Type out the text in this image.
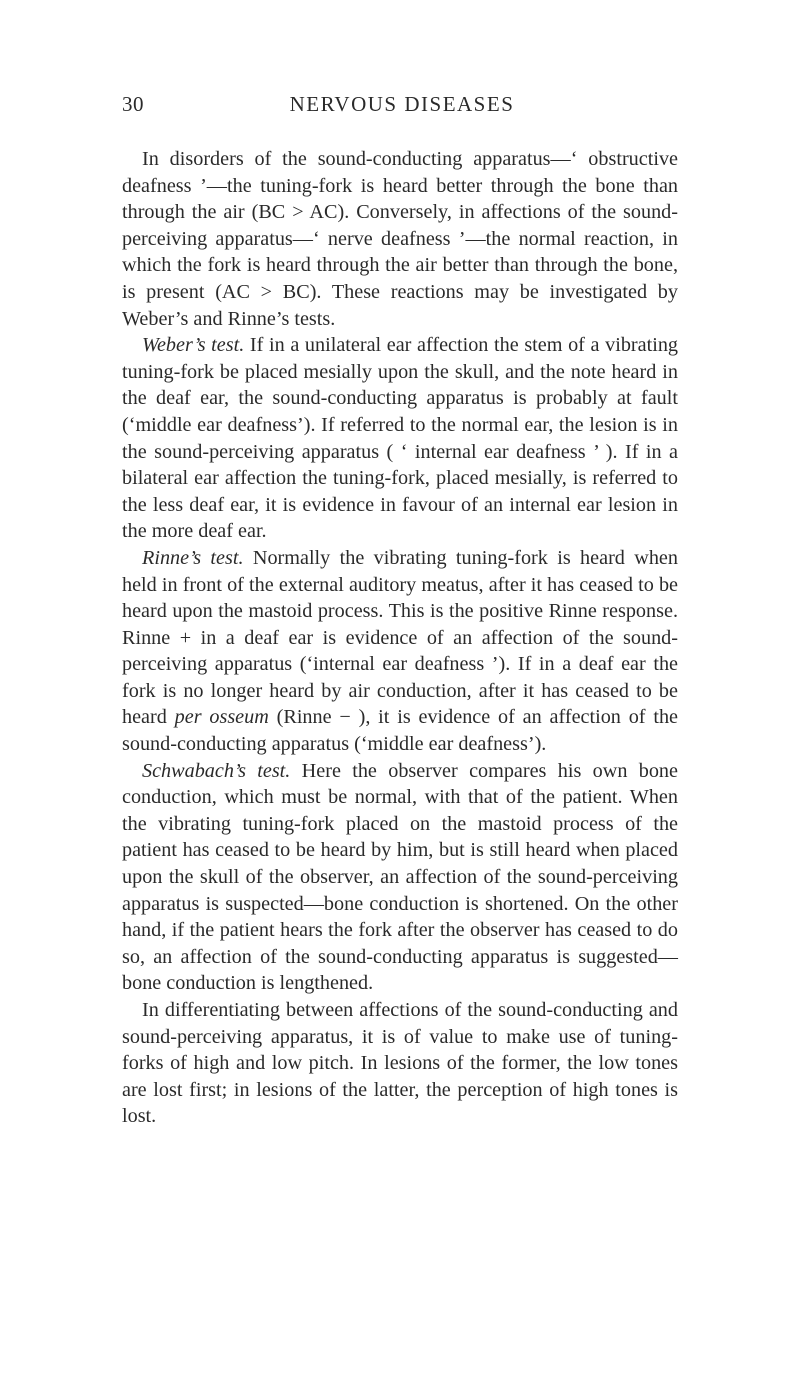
30	NERVOUS DISEASES

In disorders of the sound-conducting apparatus—‘ obstructive deafness ’—the tuning-fork is heard better through the bone than through the air (BC > AC). Conversely, in affections of the sound-perceiving apparatus—‘ nerve deafness ’—the normal reaction, in which the fork is heard through the air better than through the bone, is present (AC > BC). These reactions may be investigated by Weber’s and Rinne’s tests.

Weber’s test. If in a unilateral ear affection the stem of a vibrating tuning-fork be placed mesially upon the skull, and the note heard in the deaf ear, the sound-conducting apparatus is probably at fault (‘middle ear deafness’). If referred to the normal ear, the lesion is in the sound-perceiving apparatus ( ‘ internal ear deafness ’ ). If in a bilateral ear affection the tuning-fork, placed mesially, is referred to the less deaf ear, it is evidence in favour of an internal ear lesion in the more deaf ear.

Rinne’s test. Normally the vibrating tuning-fork is heard when held in front of the external auditory meatus, after it has ceased to be heard upon the mastoid process. This is the positive Rinne response. Rinne + in a deaf ear is evidence of an affection of the sound-perceiving apparatus (‘internal ear deafness ’). If in a deaf ear the fork is no longer heard by air conduction, after it has ceased to be heard per osseum (Rinne − ), it is evidence of an affection of the sound-conducting apparatus (‘middle ear deafness’).

Schwabach’s test. Here the observer compares his own bone conduction, which must be normal, with that of the patient. When the vibrating tuning-fork placed on the mastoid process of the patient has ceased to be heard by him, but is still heard when placed upon the skull of the observer, an affection of the sound-perceiving apparatus is suspected—bone conduction is shortened. On the other hand, if the patient hears the fork after the observer has ceased to do so, an affection of the sound-conducting apparatus is suggested—bone conduction is lengthened.

In differentiating between affections of the sound-conducting and sound-perceiving apparatus, it is of value to make use of tuning-forks of high and low pitch. In lesions of the former, the low tones are lost first; in lesions of the latter, the perception of high tones is lost.
